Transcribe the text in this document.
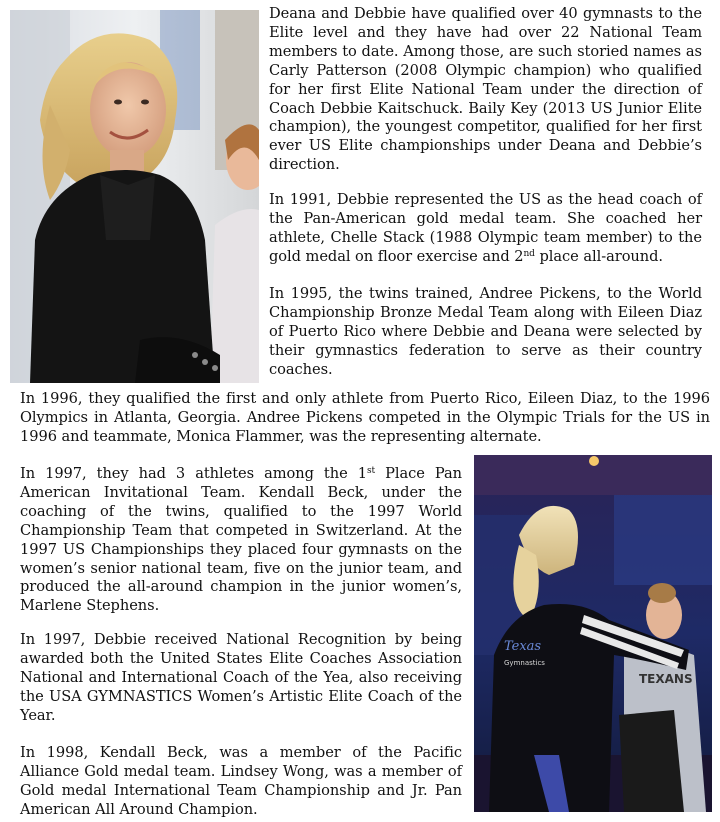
Deana and Debbie have qualified over 40 gymnasts to the Elite level and they have had over 22 National Team members to date. Among those, are such storied names as Carly Patterson (2008 Olympic champion) who qualified for her first Elite National Team under the direction of Coach Debbie Kaitschuck. Baily Key (2013 US Junior Elite champion), the youngest competitor, qualified for her first ever US Elite championships under Deana and Debbie’s direction.

In 1991, Debbie represented the US as the head coach of the Pan-American gold medal team. She coached her athlete, Chelle Stack (1988 Olympic team member) to the gold medal on floor exercise and 2nd place all-around.

In 1995, the twins trained, Andree Pickens, to the World Championship Bronze Medal Team along with Eileen Diaz of Puerto Rico where Debbie and Deana were selected by their gymnastics federation to serve as their country coaches.

In 1996, they qualified the first and only athlete from Puerto Rico, Eileen Diaz, to the 1996 Olympics in Atlanta, Georgia. Andree Pickens competed in the Olympic Trials for the US in 1996 and teammate, Monica Flammer, was the representing alternate.

In 1997, they had 3 athletes among the 1st Place Pan American Invitational Team. Kendall Beck, under the coaching of the twins, qualified to the 1997 World Championship Team that competed in Switzerland. At the 1997 US Championships they placed four gymnasts on the women’s senior national team, five on the junior team, and produced the all-around champion in the junior women’s, Marlene Stephens.

In 1997, Debbie received National Recognition by being awarded both the United States Elite Coaches Association National and International Coach of the Yea, also receiving the USA GYMNASTICS Women’s Artistic Elite Coach of the Year.

In 1998, Kendall Beck, was a member of the Pacific Alliance Gold medal team. Lindsey Wong, was a member of Gold medal International Team Championship and Jr. Pan American All Around Champion.

TEXANS
Texas
Gymnastics
